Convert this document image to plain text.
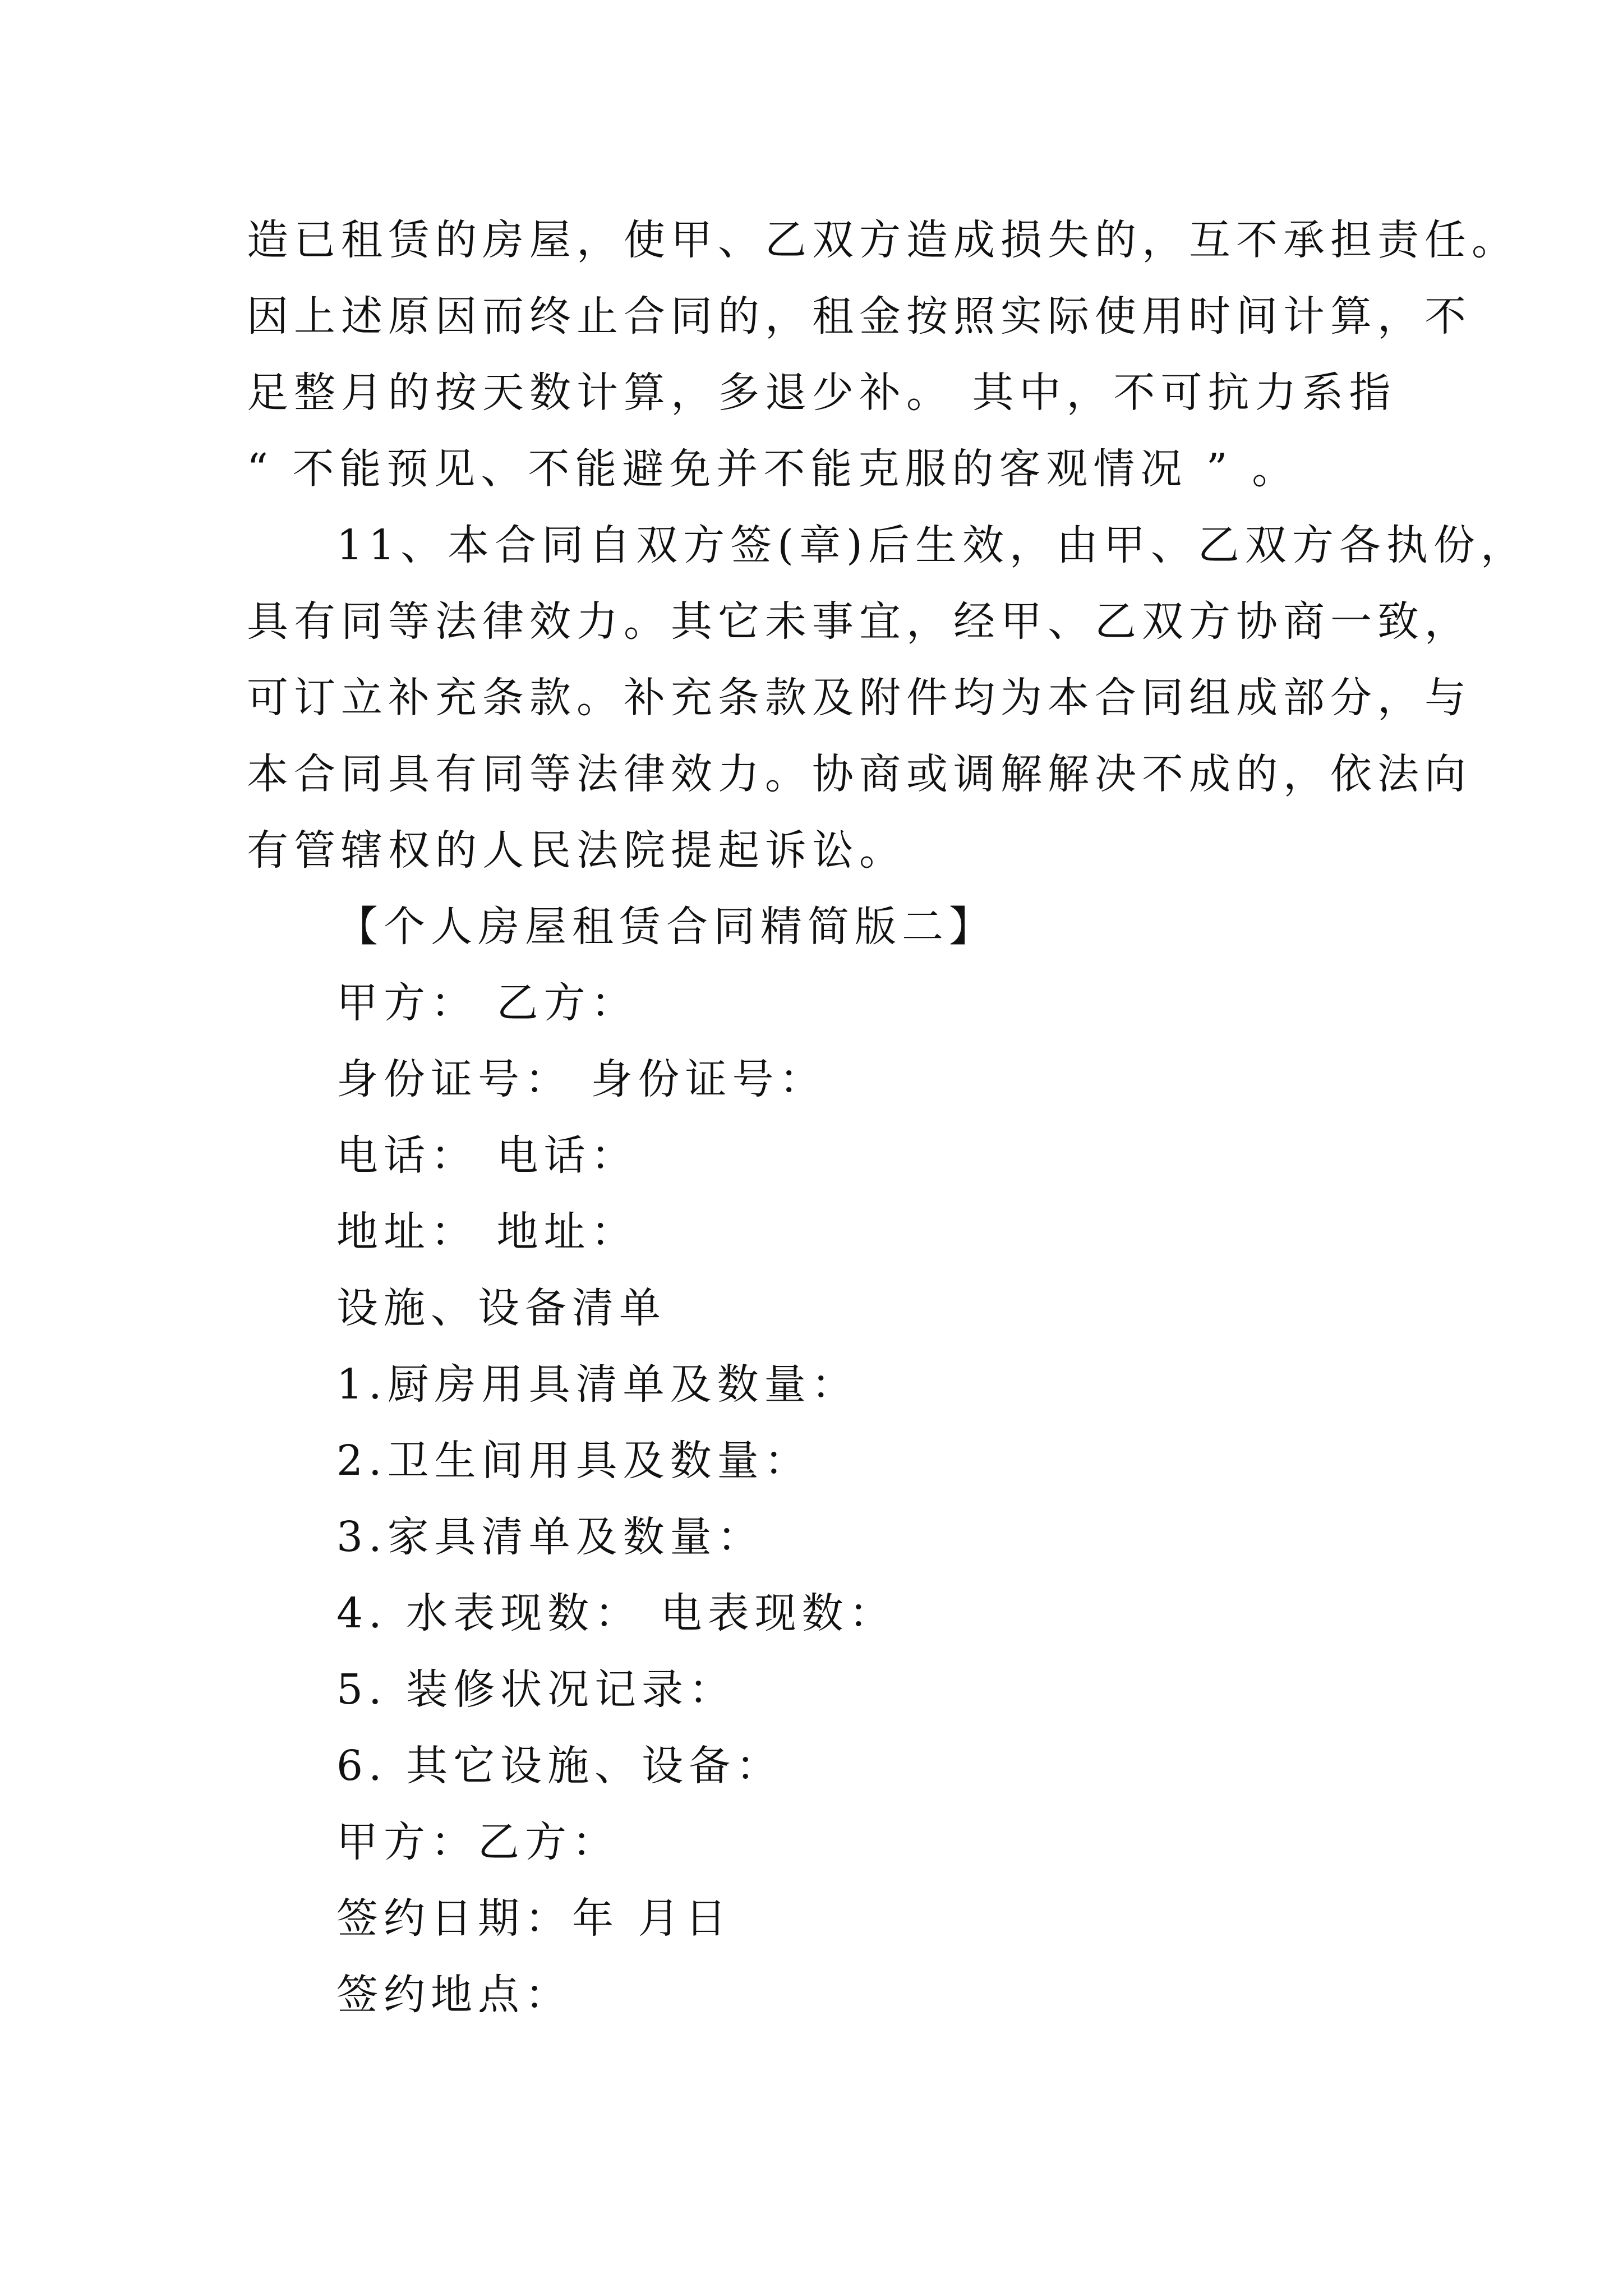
造已租赁的房屋，使甲、乙双方造成损失的，互不承担责任。
因上述原因而终止合同的，租金按照实际使用时间计算，不
足整月的按天数计算，多退少补。 其中，不可抗力系指
“ 不能预见、不能避免并不能克服的客观情况 ” 。
11、本合同自双方签(章)后生效，由甲、乙双方各执份，
具有同等法律效力。其它未事宜，经甲、乙双方协商一致，
可订立补充条款。补充条款及附件均为本合同组成部分，与
本合同具有同等法律效力。协商或调解解决不成的，依法向
有管辖权的人民法院提起诉讼。
【个人房屋租赁合同精简版二】
甲方： 乙方：
身份证号： 身份证号：
电话： 电话：
地址： 地址：
设施、设备清单
1.厨房用具清单及数量：
2.卫生间用具及数量：
3.家具清单及数量：
4. 水表现数： 电表现数：
5. 装修状况记录：
6. 其它设施、设备：
甲方：乙方：
签约日期：年 月日
签约地点：
